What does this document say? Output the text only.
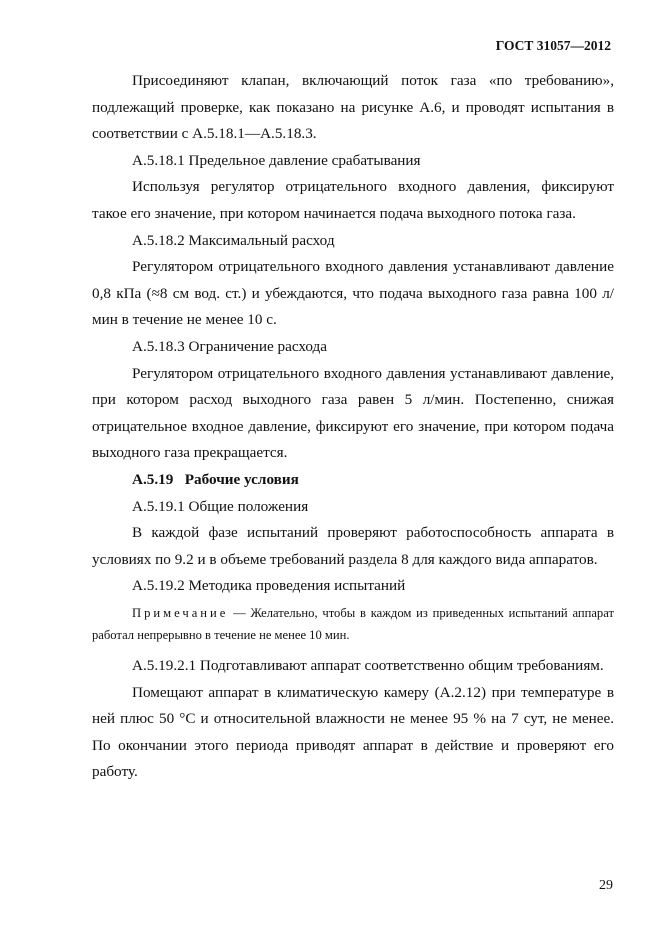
ГОСТ 31057—2012

Присоединяют клапан, включающий поток газа «по требованию», подлежащий проверке, как показано на рисунке А.6, и проводят испытания в соответствии с А.5.18.1—А.5.18.3.

А.5.18.1 Предельное давление срабатывания

Используя регулятор отрицательного входного давления, фиксируют такое его значение, при котором начинается подача выходного потока газа.

А.5.18.2 Максимальный расход

Регулятором отрицательного входного давления устанавливают давление 0,8 кПа (≈8 см вод. ст.) и убеждаются, что подача выходного газа равна 100 л/мин в течение не менее 10 с.

А.5.18.3 Ограничение расхода

Регулятором отрицательного входного давления устанавливают давление, при котором расход выходного газа равен 5 л/мин. Постепенно, снижая отрицательное входное давление, фиксируют его значение, при котором подача выходного газа прекращается.

А.5.19   Рабочие условия

А.5.19.1 Общие положения

В каждой фазе испытаний проверяют работоспособность аппарата в условиях по 9.2 и в объеме требований раздела 8 для каждого вида аппаратов.

А.5.19.2 Методика проведения испытаний

Примечание — Желательно, чтобы в каждом из приведенных испытаний аппарат работал непрерывно в течение не менее 10 мин.

А.5.19.2.1 Подготавливают аппарат соответственно общим требованиям.

Помещают аппарат в климатическую камеру (А.2.12) при температуре в ней плюс 50 °С и относительной влажности не менее 95 % на 7 сут, не менее. По окончании этого периода приводят аппарат в действие и проверяют его работу.

29
